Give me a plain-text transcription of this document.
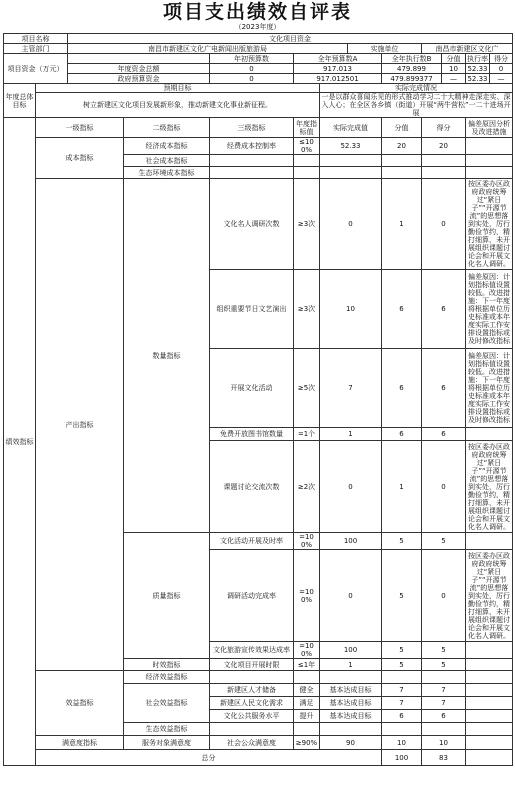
项目支出绩效自评表
（2023年度）
项目名称		文化项目资金										
主管部门		南昌市新建区文化广电新闻出版旅游局					实施单位		南昌市新建区文化广			
项目资金（万元）				年初预算数	全年预算数A			全年执行数B		分值	执行率	得分
		年度资金总额		0	917.013			479.899		10	52.33	0
		政府预算资金		0	917.012501			479.899377		—	52.33	—
年度总体目标	预期目标					实际完成情况						
	树立新建区文化项目发展新形象，推动新建文化事业新征程。					一是以群众喜闻乐见的形式推动学习二十大精神走深走实、深入人心；在全区各乡镇（街道）开展“两牛营松”一二十进场开展						
绩效指标	一级指标		二级指标	三级指标	年度指标值	实际完成值		分值	得分		偏差原因分析及改进措施	
	成本指标		经济成本指标	经费成本控制率	≤100%	52.33		20	20			
			社会成本指标									
			生态环境成本指标									
	产出指标		数量指标	文化名人调研次数	≥3次	0		1	0		按区委办区政府政府统筹过“紧日子”“开源节流”的思想落到实处，厉行勤俭节约，精打细算，未开展组织课题讨论会和开展文化名人调研。	
				组织重要节日文艺演出	≥3次	10		6	6		偏差原因：计划指标值设置较低。改进措施：下一年度将根据单位历史标准或本年度实际工作安排设置指标或及时修改指标	
				开展文化活动	≥5次	7		6	6		偏差原因：计划指标值设置较低。改进措施：下一年度将根据单位历史标准或本年度实际工作安排设置指标或及时修改指标	
				免费开放图书馆数量	=1个	1		6	6			
				课题讨论交流次数	≥2次	0		1	0		按区委办区政府政府统筹过“紧日子”“开源节流”的思想落到实处，厉行勤俭节约，精打细算，未开展组织课题讨论会和开展文化名人调研。	
			质量指标	文化活动开展及时率	=100%	100		5	5			
				调研活动完成率	=100%	0		5	0		按区委办区政府政府统筹过“紧日子”“开源节流”的思想落到实处，厉行勤俭节约，精打细算，未开展组织课题讨论会和开展文化名人调研。	
				文化旅游宣传效果达成率	=100%	100		5	5			
			时效指标	文化项目开展时限	≤1年	1		5	5			
	效益指标		经济效益指标									
			社会效益指标	新建区人才储备	健全	基本达成目标		7	7			
				新建区人民文化需求	满足	基本达成目标		7	7			
				文化公共服务水平	提升	基本达成目标		6	6			
			生态效益指标									
	满意度指标		服务对象满意度	社会公众满意度	≥90%	90		10	10			
	总分							100	83			
